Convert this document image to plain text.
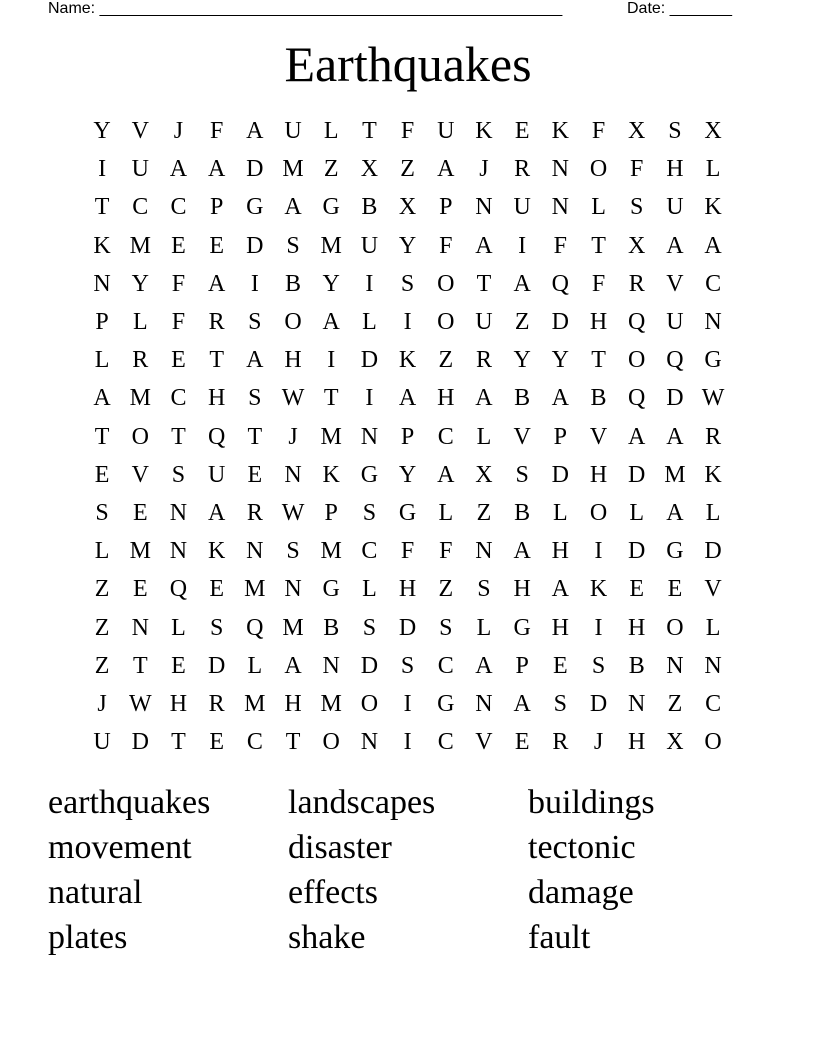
Name: ____________________________________________________	Date: _______
Earthquakes
Y V	J	F A U L T	F U K E K F X S X
I	U A A D M Z X Z A	J	R N O F H L
T C C P G A G B X P N U N L	S U K
K M E E D S M U Y F A	I	F	T X A A
N Y F A	I	B Y	I	S O T A Q F R V C
P	L	F R S O A L	I	O U Z D H Q U N
L R E T A H	I	D K Z R Y Y T O Q G
A M C H S W T	I	A H A B A B Q D W
T O T Q T	J M N P C L V P V A A R
E V S U E N K G Y A X S D H D M K
S	E N A R W P	S G L Z B L O L A L
L M N K N S M C F	F N A H	I	D G D
Z E Q E M N G L H Z	S H A K E E V
Z N L	S Q M B S D S	L G H	I	H O L
Z T E D L A N D S C A P	E	S B N N
J W H R M H M O	I	G N A S D N Z C
U D T E C T O N	I	C V E R	J	H X O
earthquakes	landscapes	buildings
movement	disaster	tectonic
natural	effects	damage
plates	shake	fault
